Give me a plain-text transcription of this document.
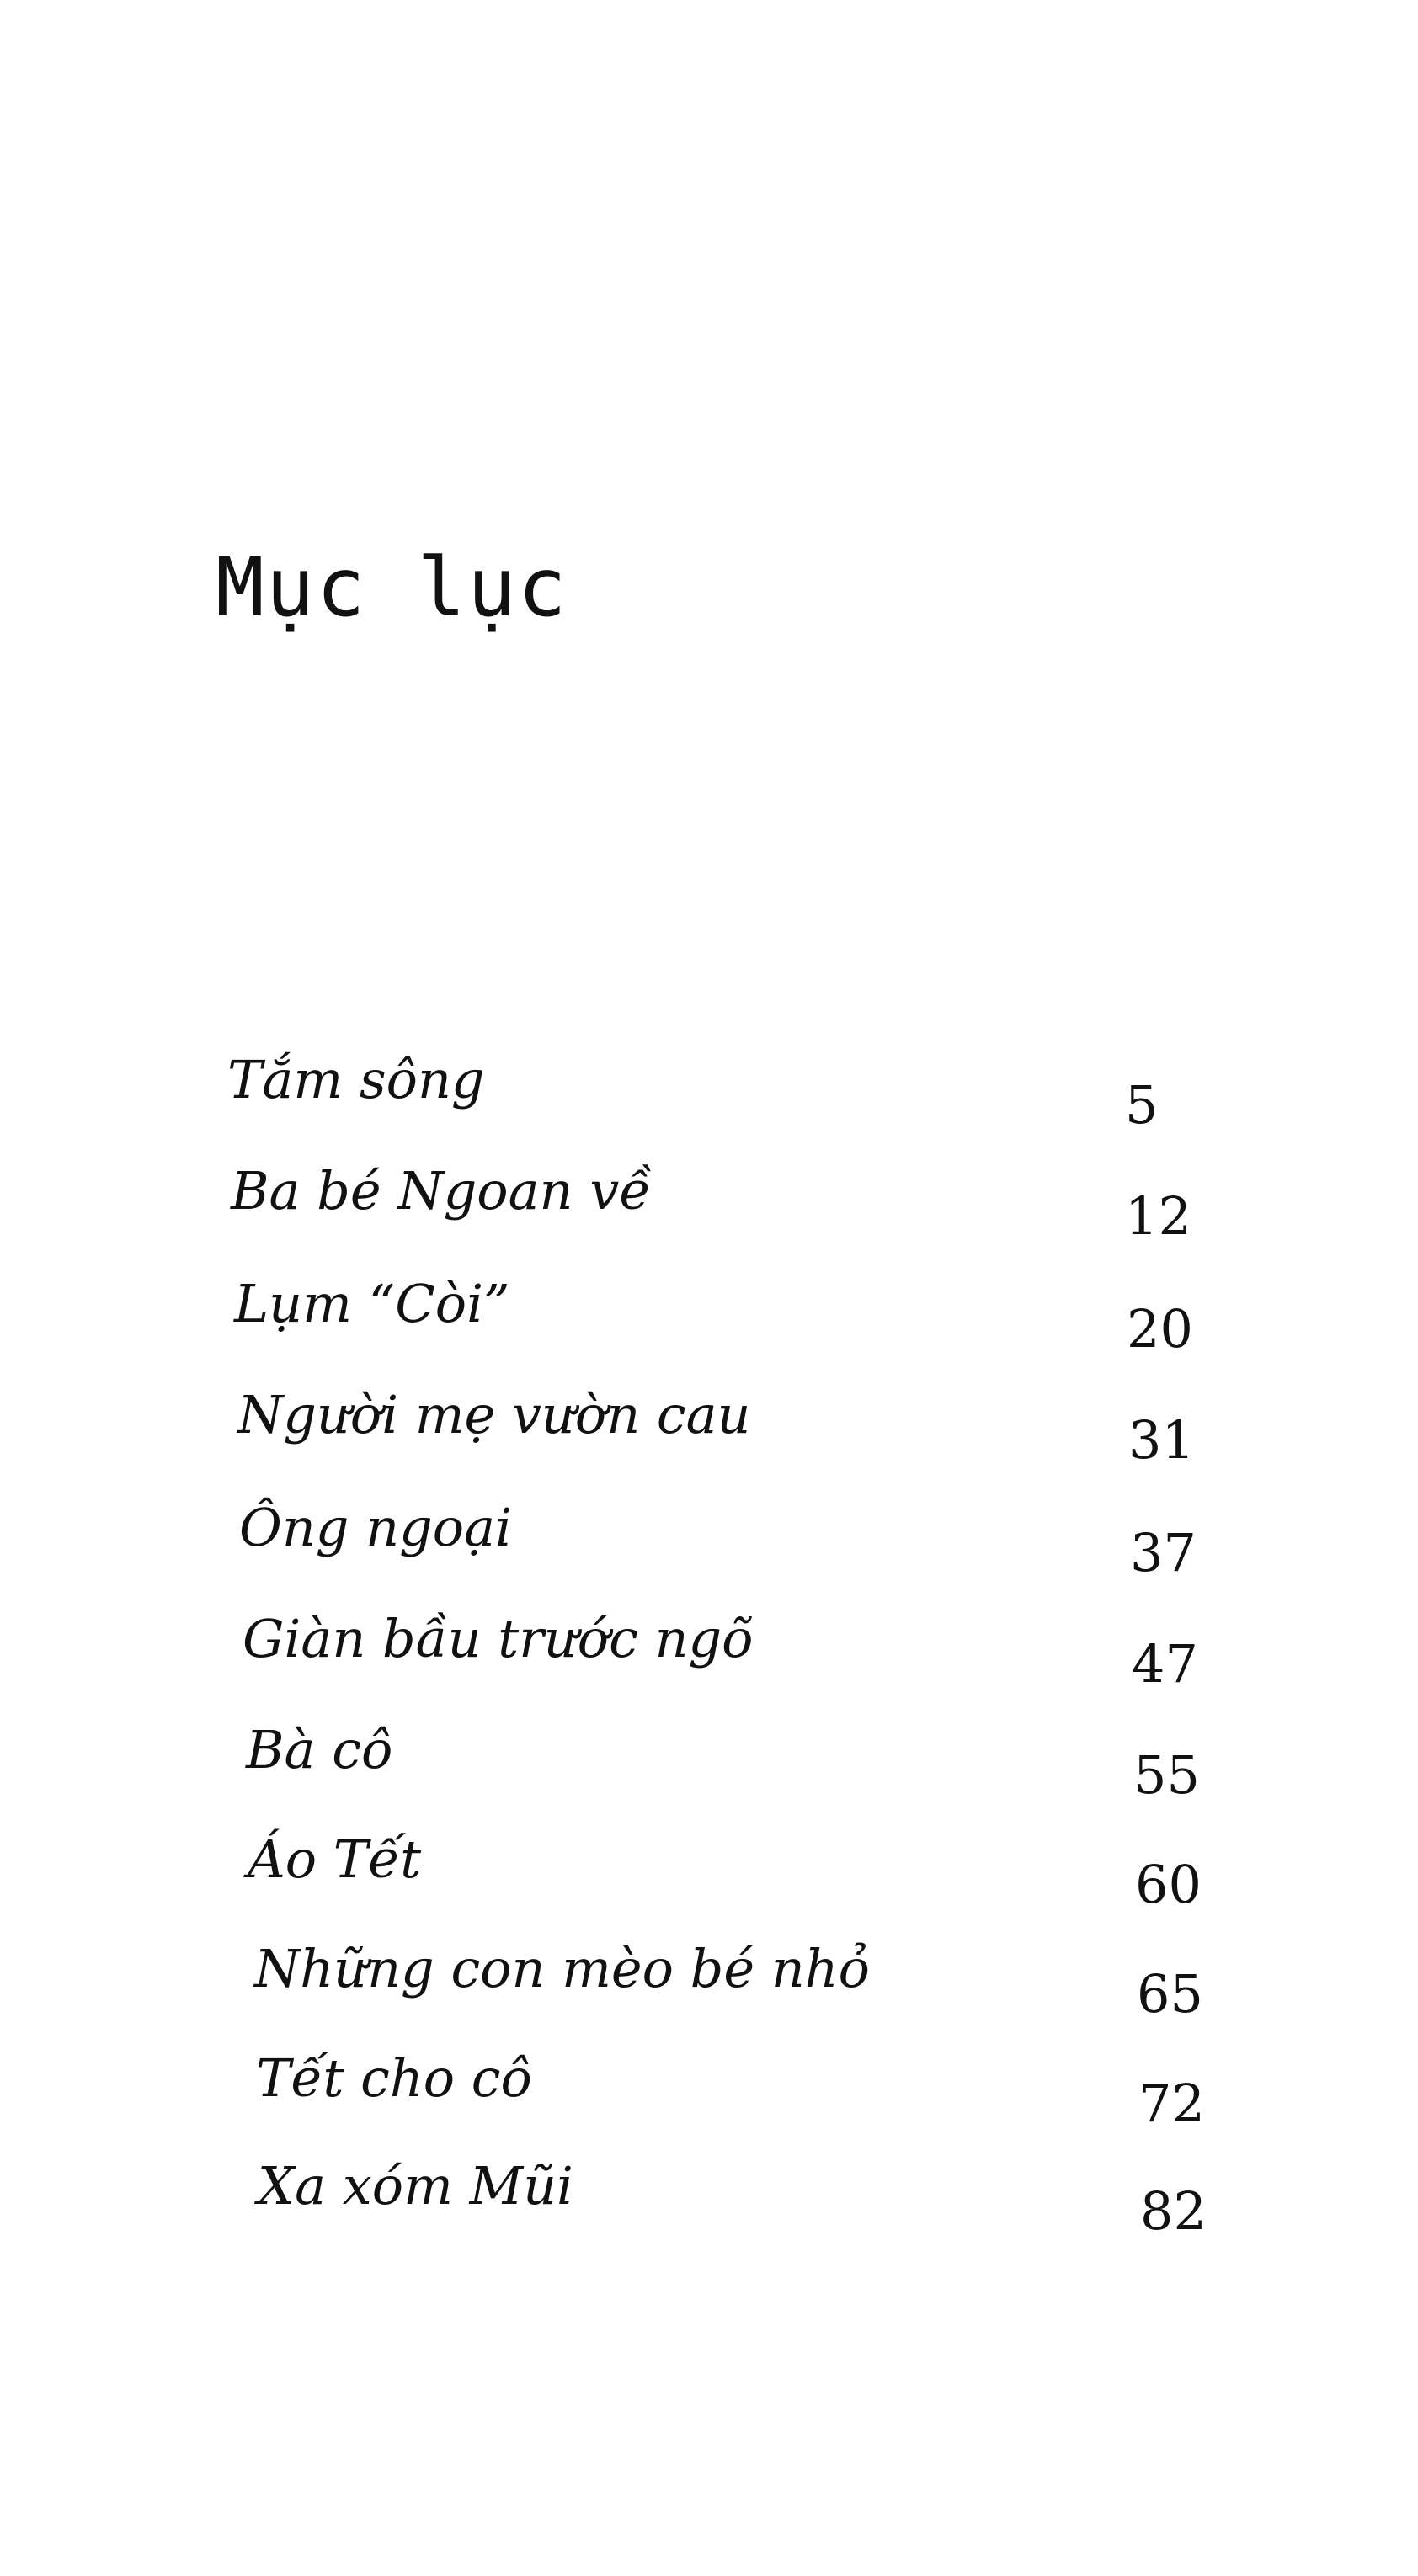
Mục lục
Tắm sông	5
Ba bé Ngoan về	12
Lụm “Còi”	20
Người mẹ vườn cau	31
Ông ngoại	37
Giàn bầu trước ngõ	47
Bà cô	55
Áo Tết	60
Những con mèo bé nhỏ	65
Tết cho cô	72
Xa xóm Mũi	82
